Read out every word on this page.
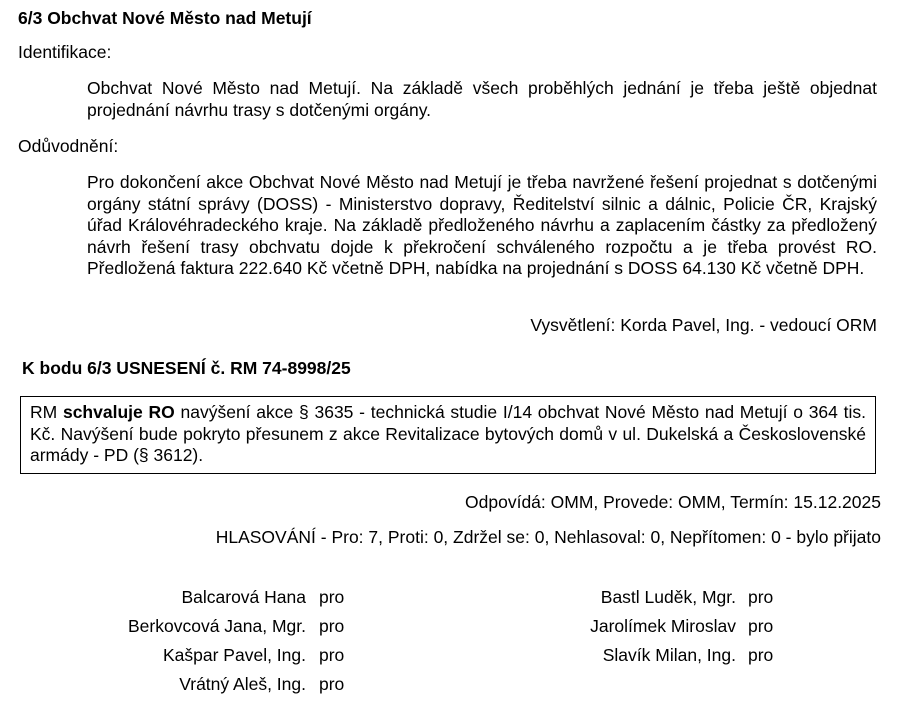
6/3 Obchvat Nové Město nad Metují
Identifikace:
Obchvat Nové Město nad Metují. Na základě všech proběhlých jednání je třeba ještě objednat projednání návrhu trasy s dotčenými orgány.
Odůvodnění:
Pro dokončení akce Obchvat Nové Město nad Metují je třeba navržené řešení projednat s dotčenými orgány státní správy (DOSS) - Ministerstvo dopravy, Ředitelství silnic a dálnic, Policie ČR, Krajský úřad Královéhradeckého kraje. Na základě předloženého návrhu a zaplacením částky za předložený návrh řešení trasy obchvatu dojde k překročení schváleného rozpočtu a je třeba provést RO. Předložená faktura 222.640 Kč včetně DPH, nabídka na projednání s DOSS 64.130 Kč včetně DPH.
Vysvětlení: Korda Pavel, Ing. - vedoucí ORM
K bodu 6/3 USNESENÍ č. RM 74-8998/25
RM schvaluje RO navýšení akce § 3635 - technická studie I/14 obchvat Nové Město nad Metují o 364 tis. Kč. Navýšení bude pokryto přesunem z akce Revitalizace bytových domů v ul. Dukelská a Československé armády - PD (§ 3612).
Odpovídá: OMM, Provede: OMM, Termín: 15.12.2025
HLASOVÁNÍ - Pro: 7, Proti: 0, Zdržel se: 0, Nehlasoval: 0, Nepřítomen: 0 - bylo přijato
Balcarová Hana pro
Berkovcová Jana, Mgr. pro
Kašpar Pavel, Ing. pro
Vrátný Aleš, Ing. pro
Bastl Luděk, Mgr. pro
Jarolímek Miroslav pro
Slavík Milan, Ing. pro
